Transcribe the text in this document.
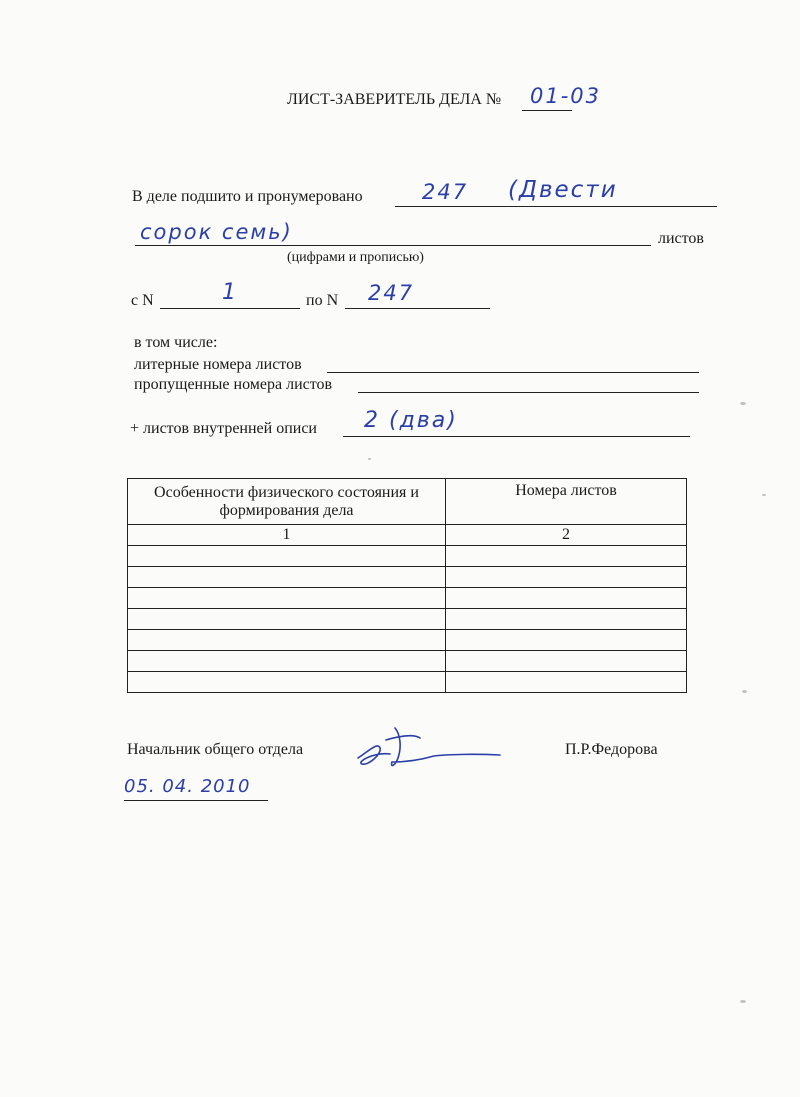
ЛИСТ-ЗАВЕРИТЕЛЬ ДЕЛА № 01-03
В деле подшито и пронумеровано	247 (Двести
сорок семь)	листов
(цифрами и прописью)
с N	1	по N 247
в том числе:
литерные номера листов
пропущенные номера листов
+ листов внутренней описи 2 (два)
Особенности физического состояния и формирования дела	Номера листов
1	2

Начальник общего отдела	П.Р.Федорова
05. 04. 2010
